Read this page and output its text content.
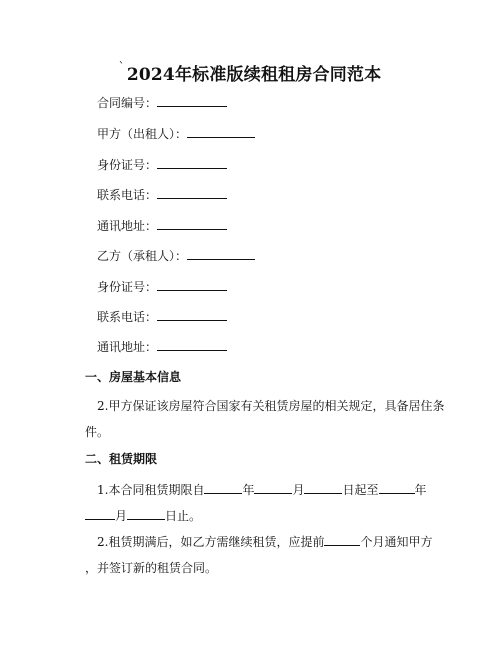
` 2024年标准版续租租房合同范本
合同编号：
甲方（出租人）：
身份证号：
联系电话：
通讯地址：
乙方（承租人）：
身份证号：
联系电话：
通讯地址：
一、房屋基本信息
2.甲方保证该房屋符合国家有关租赁房屋的相关规定，具备居住条
件。
二、租赁期限
1.本合同租赁期限自	年	月	日起至	年
月	日止。
2.租赁期满后，如乙方需继续租赁，应提前	个月通知甲方
，并签订新的租赁合同。
